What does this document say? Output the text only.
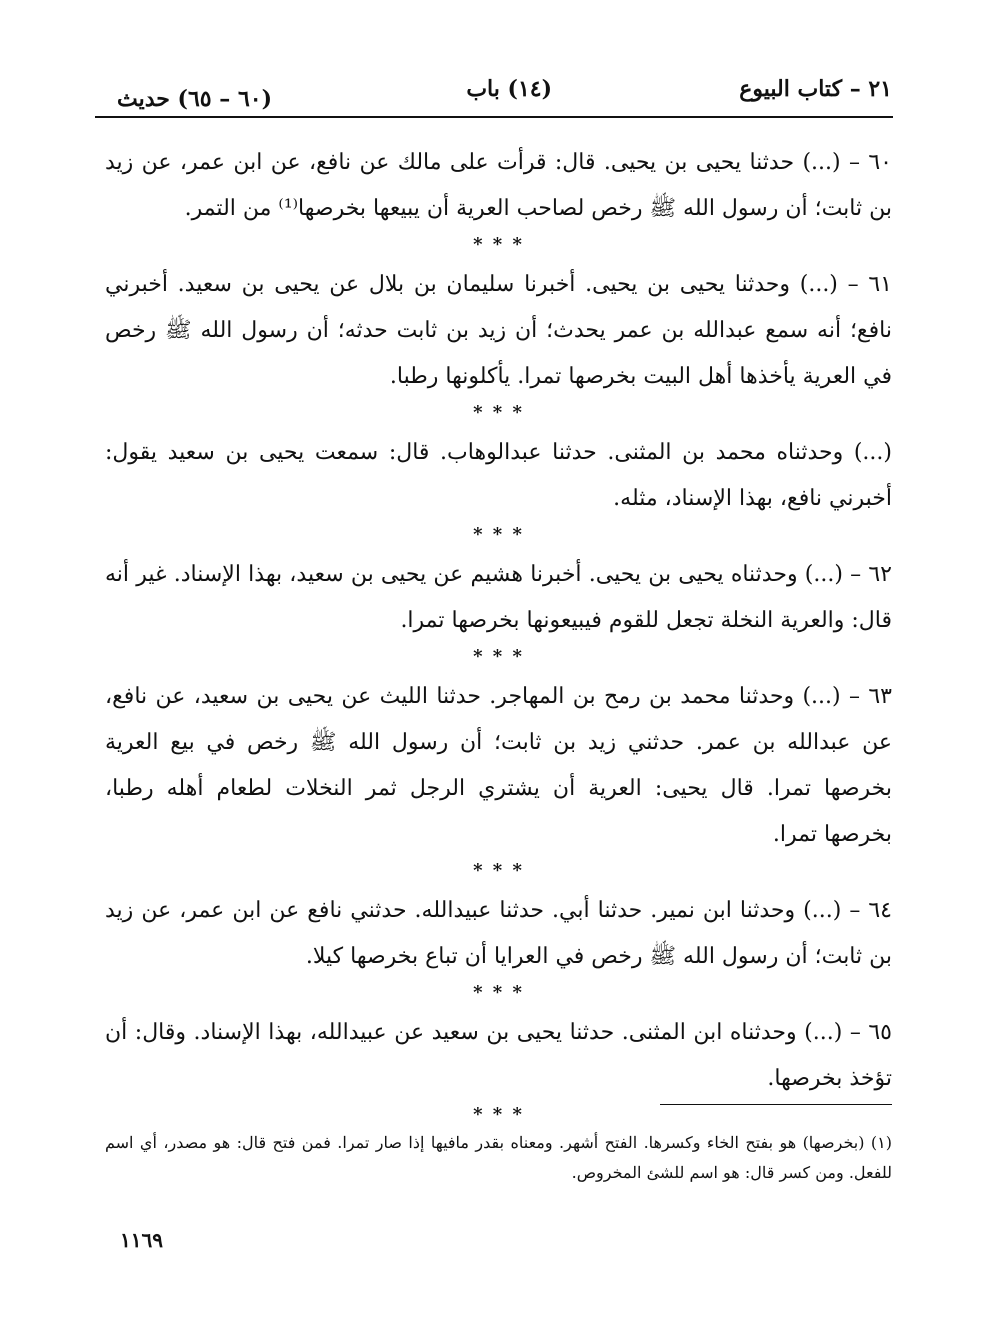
٢١ – كتاب البيوع
(١٤) باب
(٦٠ – ٦٥) حديث

٦٠ – (...) حدثنا يحيى بن يحيى. قال: قرأت على مالك عن نافع، عن ابن عمر، عن زيد بن ثابت؛ أن رسول الله ﷺ رخص لصاحب العرية أن يبيعها بخرصها⁽¹⁾ من التمر.

* * *

٦١ – (...) وحدثنا يحيى بن يحيى. أخبرنا سليمان بن بلال عن يحيى بن سعيد. أخبرني نافع؛ أنه سمع عبدالله بن عمر يحدث؛ أن زيد بن ثابت حدثه؛ أن رسول الله ﷺ رخص في العرية يأخذها أهل البيت بخرصها تمرا. يأكلونها رطبا.

* * *

(...) وحدثناه محمد بن المثنى. حدثنا عبدالوهاب. قال: سمعت يحيى بن سعيد يقول: أخبرني نافع، بهذا الإسناد، مثله.

* * *

٦٢ – (...) وحدثناه يحيى بن يحيى. أخبرنا هشيم عن يحيى بن سعيد، بهذا الإسناد. غير أنه قال: والعرية النخلة تجعل للقوم فيبيعونها بخرصها تمرا.

* * *

٦٣ – (...) وحدثنا محمد بن رمح بن المهاجر. حدثنا الليث عن يحيى بن سعيد، عن نافع، عن عبدالله بن عمر. حدثني زيد بن ثابت؛ أن رسول الله ﷺ رخص في بيع العرية بخرصها تمرا. قال يحيى: العرية أن يشتري الرجل ثمر النخلات لطعام أهله رطبا، بخرصها تمرا.

* * *

٦٤ – (...) وحدثنا ابن نمير. حدثنا أبي. حدثنا عبيدالله. حدثني نافع عن ابن عمر، عن زيد بن ثابت؛ أن رسول الله ﷺ رخص في العرايا أن تباع بخرصها كيلا.

* * *

٦٥ – (...) وحدثناه ابن المثنى. حدثنا يحيى بن سعيد عن عبيدالله، بهذا الإسناد. وقال: أن تؤخذ بخرصها.

* * *

(١) (بخرصها) هو بفتح الخاء وكسرها. الفتح أشهر. ومعناه بقدر مافيها إذا صار تمرا. فمن فتح قال: هو مصدر، أي اسم للفعل. ومن كسر قال: هو اسم للشئ المخروص.

١١٦٩
